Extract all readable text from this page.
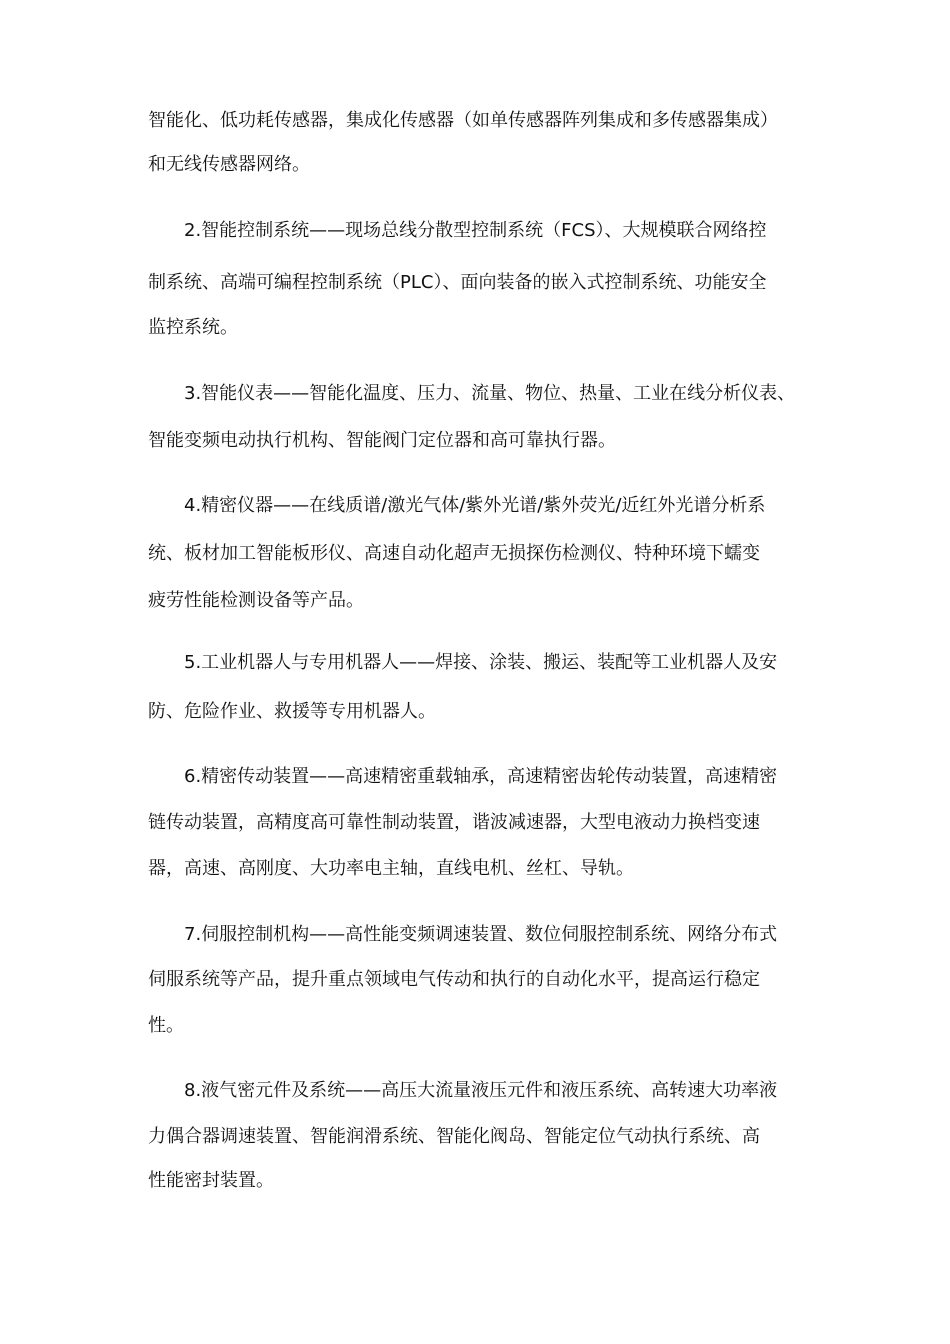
智能化、低功耗传感器，集成化传感器（如单传感器阵列集成和多传感器集成）
和无线传感器网络。
2.智能控制系统——现场总线分散型控制系统（FCS）、大规模联合网络控
制系统、高端可编程控制系统（PLC）、面向装备的嵌入式控制系统、功能安全
监控系统。
3.智能仪表——智能化温度、压力、流量、物位、热量、工业在线分析仪表、
智能变频电动执行机构、智能阀门定位器和高可靠执行器。
4.精密仪器——在线质谱/激光气体/紫外光谱/紫外荧光/近红外光谱分析系
统、板材加工智能板形仪、高速自动化超声无损探伤检测仪、特种环境下蠕变
疲劳性能检测设备等产品。
5.工业机器人与专用机器人——焊接、涂装、搬运、装配等工业机器人及安
防、危险作业、救援等专用机器人。
6.精密传动装置——高速精密重载轴承，高速精密齿轮传动装置，高速精密
链传动装置，高精度高可靠性制动装置，谐波减速器，大型电液动力换档变速
器，高速、高刚度、大功率电主轴，直线电机、丝杠、导轨。
7.伺服控制机构——高性能变频调速装置、数位伺服控制系统、网络分布式
伺服系统等产品，提升重点领域电气传动和执行的自动化水平，提高运行稳定
性。
8.液气密元件及系统——高压大流量液压元件和液压系统、高转速大功率液
力偶合器调速装置、智能润滑系统、智能化阀岛、智能定位气动执行系统、高
性能密封装置。
